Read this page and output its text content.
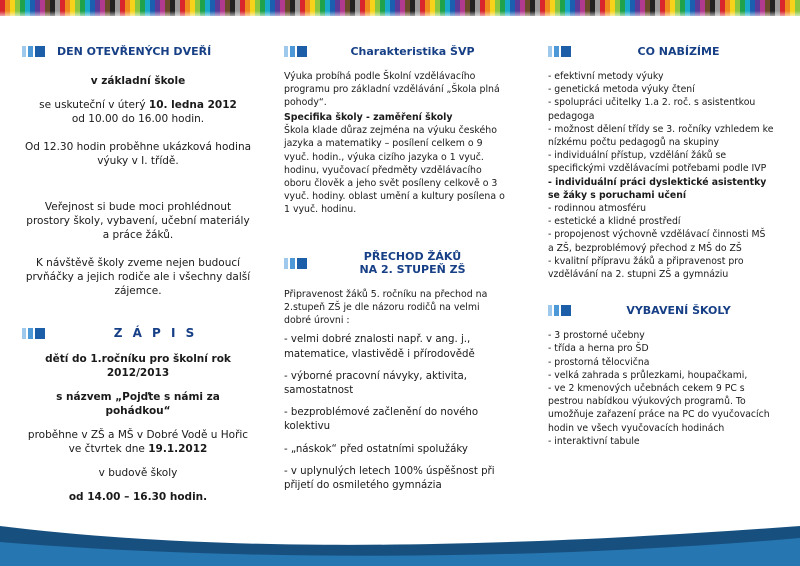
DEN OTEVŘENÝCH DVEŘÍ

v základní škole

se uskuteční v úterý 10. ledna 2012
od 10.00 do 16.00 hodin.

Od 12.30 hodin proběhne ukázková hodina výuky v I. třídě.

Veřejnost si bude moci prohlédnout prostory školy, vybavení, učební materiály a práce žáků.

K návštěvě školy zveme nejen budoucí prvňáčky a jejich rodiče ale i všechny další zájemce.

Z Á P I S

dětí do 1.ročníku pro školní rok 2012/2013

s názvem „Pojďte s námi za pohádkou“

proběhne v ZŠ a MŠ v Dobré Vodě u Hořic
ve čtvrtek dne 19.1.2012

v budově školy

od 14.00 – 16.30 hodin.

Charakteristika ŠVP

Výuka probíhá podle Školní vzdělávacího programu pro základní vzdělávání „Škola plná pohody“.

Specifika školy - zaměření školy

Škola klade důraz zejména na výuku českého jazyka a matematiky – posílení celkem o 9 vyuč. hodin., výuka cizího jazyka o 1 vyuč. hodinu, vyučovací předměty vzdělávacího oboru člověk a jeho svět posíleny celkově o 3 vyuč. hodiny. oblast umění a kultury posílena o 1 vyuč. hodinu.

PŘECHOD ŽÁKŮ
NA 2. STUPEŇ ZŠ

Připravenost žáků 5. ročníku na přechod na 2.stupeň ZŠ je dle názoru rodičů na velmi dobré úrovni :

- velmi dobré znalosti např. v ang. j., matematice, vlastivědě i přírodovědě

- výborné pracovní návyky, aktivita, samostatnost

- bezproblémové začlenění do nového kolektivu

- „náskok“ před ostatními spolužáky

- v uplynulých letech 100% úspěšnost při přijetí do osmiletého gymnázia

CO NABÍZÍME

- efektivní metody výuky

- genetická metoda výuky čtení

- spolupráci učitelky 1.a 2. roč. s asistentkou pedagoga

- možnost dělení třídy se 3. ročníky vzhledem ke nízkému počtu pedagogů na skupiny

- individuální přístup, vzdělání žáků se specifickými vzdělávacími potřebami podle IVP

- individuální práci dyslektické asistentky se žáky s poruchami učení

- rodinnou atmosféru

- estetické a klidné prostředí

- propojenost výchovně vzdělávací činnosti MŠ a ZŠ, bezproblémový přechod z MŠ do ZŠ

- kvalitní přípravu žáků a připravenost pro vzdělávání na 2. stupni ZŠ a gymnáziu

VYBAVENÍ ŠKOLY

- 3 prostorné učebny

- třída a herna pro ŠD

- prostorná tělocvična

- velká zahrada s průlezkami, houpačkami,

- ve 2 kmenových učebnách cekem 9 PC s pestrou nabídkou výukových programů. To umožňuje zařazení práce na PC do vyučovacích hodin ve všech vyučovacích hodinách

- interaktivní tabule
